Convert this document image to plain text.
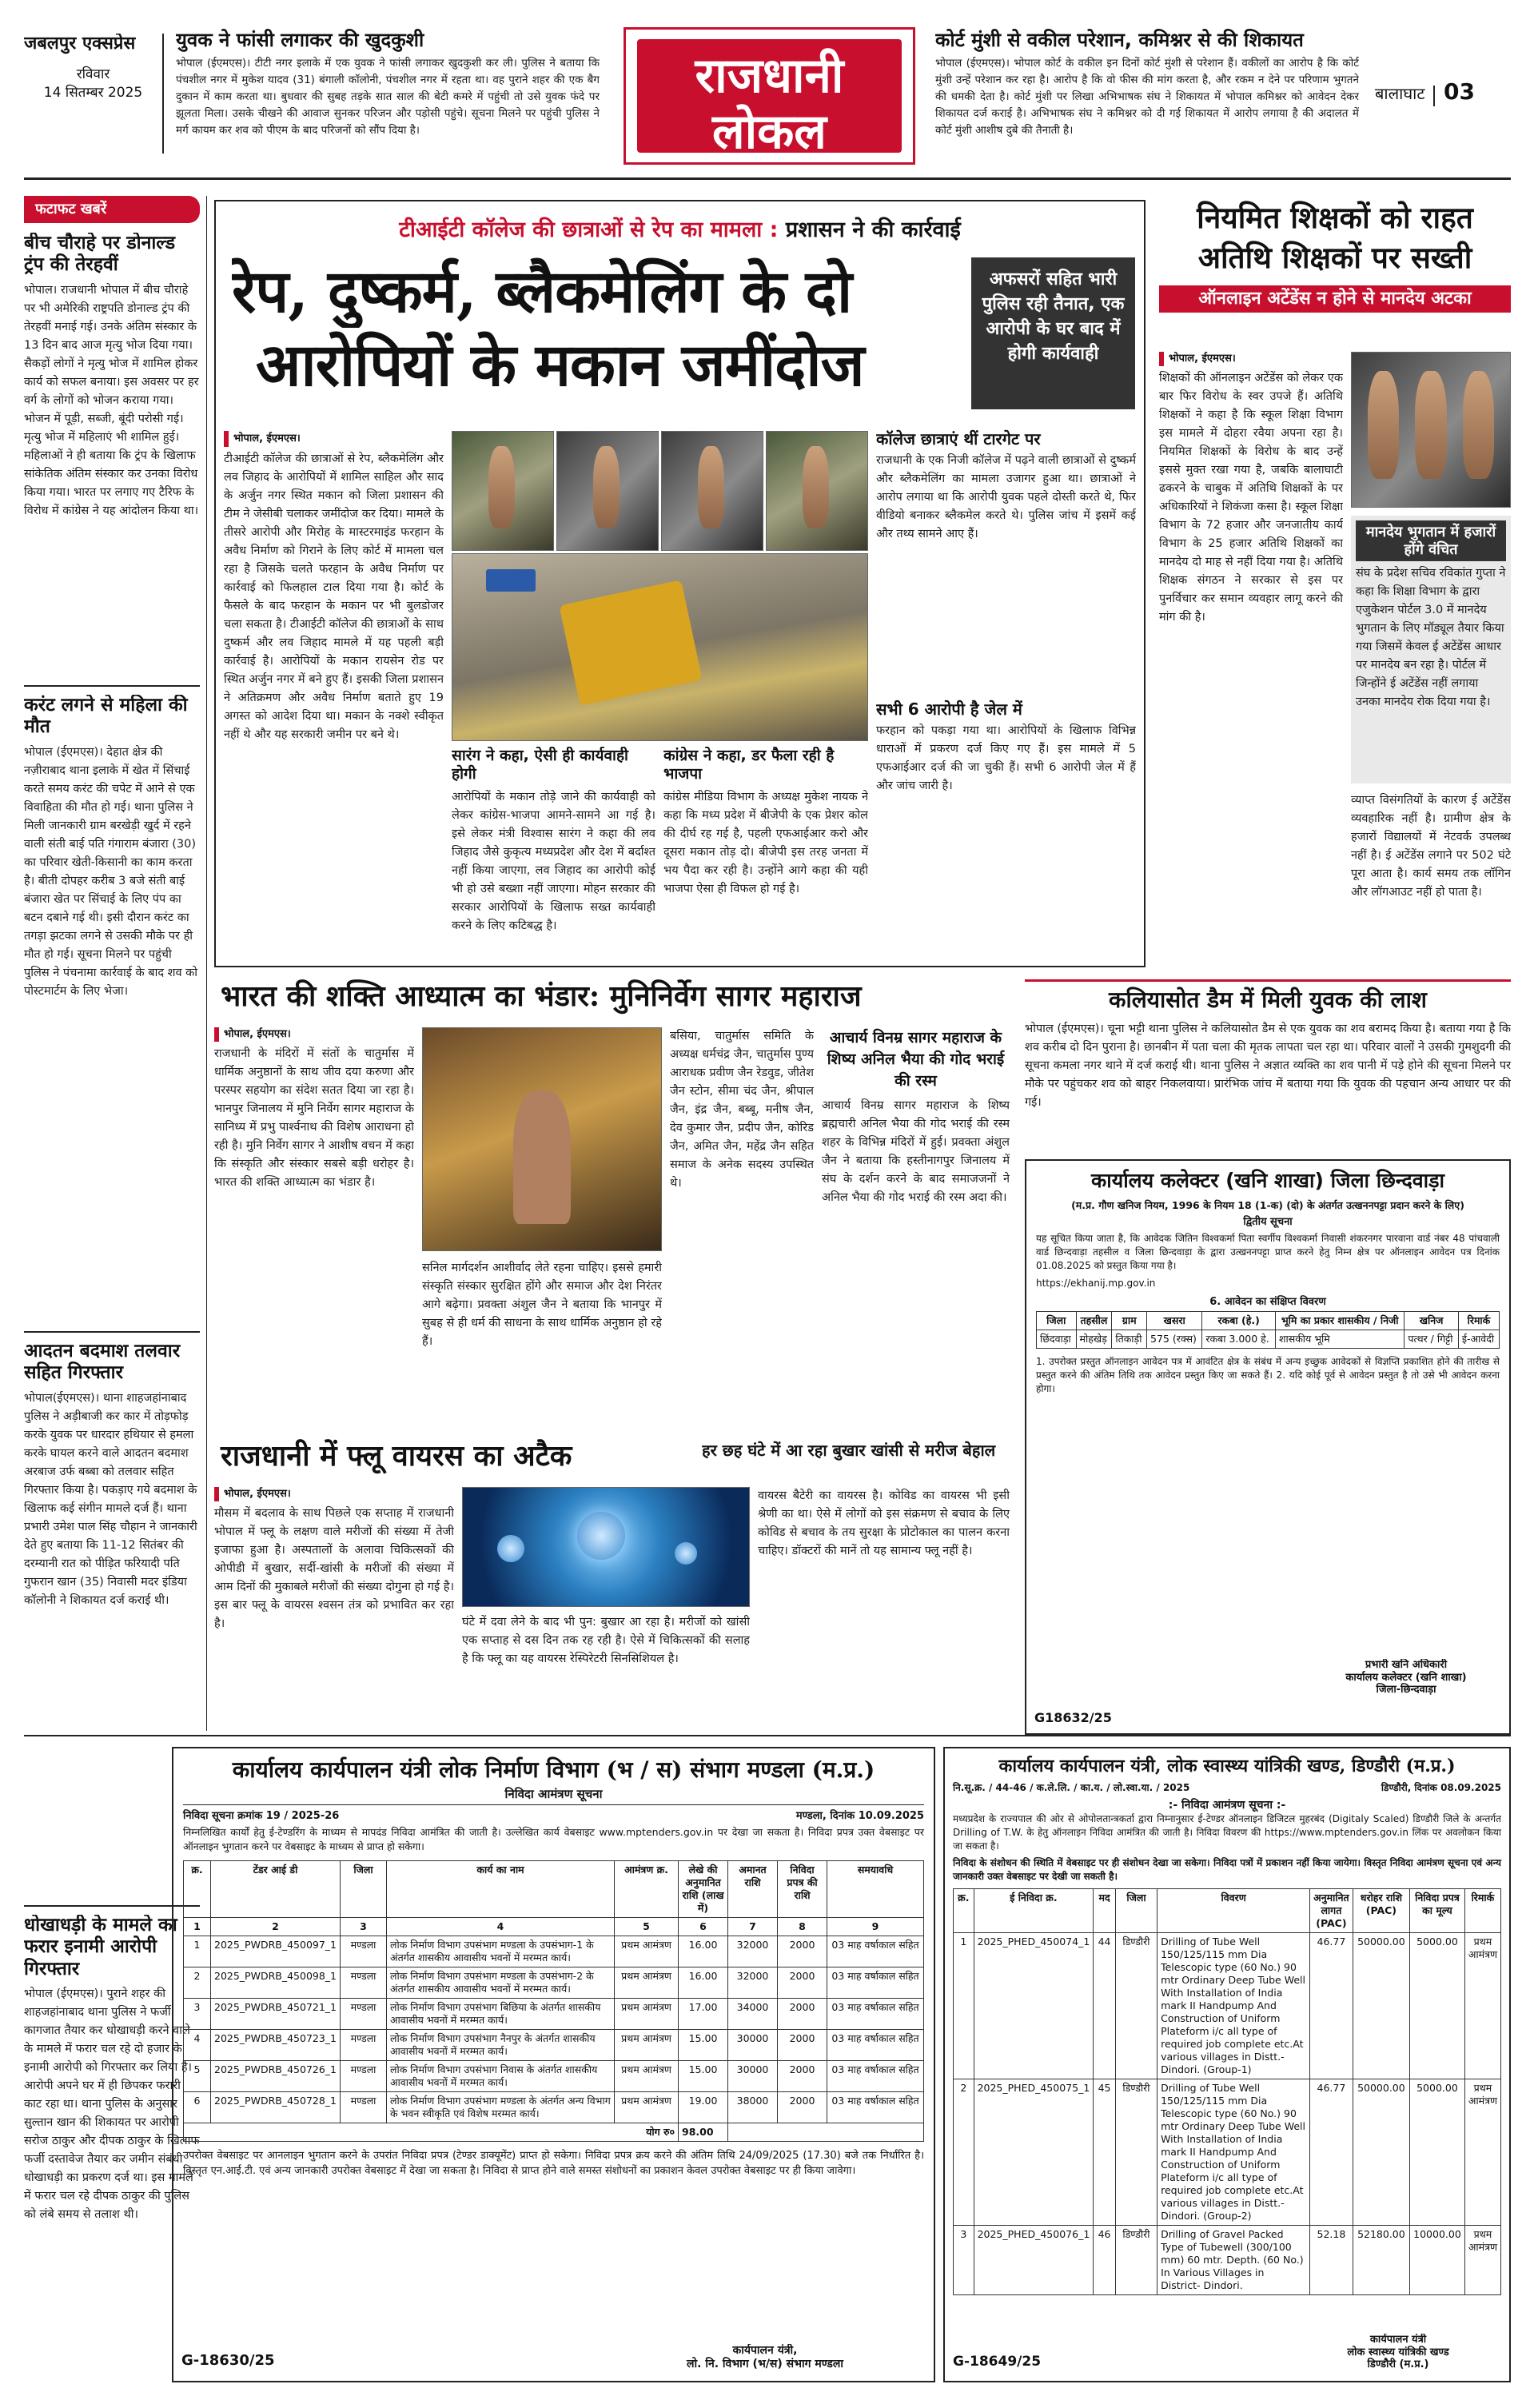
जबलपुर एक्सप्रेस
रविवार
14 सितम्बर 2025
युवक ने फांसी लगाकर की खुदकुशी
भोपाल (ईएमएस)। टीटी नगर इलाके में एक युवक ने फांसी लगाकर खुदकुशी कर ली। पुलिस ने बताया कि पंचशील नगर में मुकेश यादव (31) बंगाली कॉलोनी, पंचशील नगर में रहता था। वह पुराने शहर की एक बैग दुकान में काम करता था। बुधवार की सुबह तड़के सात साल की बेटी कमरे में पहुंची तो उसे युवक फंदे पर झूलता मिला। उसके चीखने की आवाज सुनकर परिजन और पड़ोसी पहुंचे। सूचना मिलने पर पहुंची पुलिस ने मर्ग कायम कर शव को पीएम के बाद परिजनों को सौंप दिया है।
राजधानी
लोकल
कोर्ट मुंशी से वकील परेशान, कमिश्नर से की शिकायत
भोपाल (ईएमएस)। भोपाल कोर्ट के वकील इन दिनों कोर्ट मुंशी से परेशान हैं। वकीलों का आरोप है कि कोर्ट मुंशी उन्हें परेशान कर रहा है। आरोप है कि वो फीस की मांग करता है, और रकम न देने पर परिणाम भुगतने की धमकी देता है। कोर्ट मुंशी पर लिखा अभिभाषक संघ ने शिकायत में भोपाल कमिश्नर को आवेदन देकर शिकायत दर्ज कराई है। अभिभाषक संघ ने कमिश्नर को दी गई शिकायत में आरोप लगाया है की अदालत में कोर्ट मुंशी आशीष दुबे की तैनाती है।
बालाघाट 03
फटाफट खबरें
बीच चौराहे पर डोनाल्ड ट्रंप की तेरहवीं
भोपाल। राजधानी भोपाल में बीच चौराहे पर भी अमेरिकी राष्ट्रपति डोनाल्ड ट्रंप की तेरहवीं मनाई गई। उनके अंतिम संस्कार के 13 दिन बाद आज मृत्यु भोज दिया गया। सैकड़ों लोगों ने मृत्यु भोज में शामिल होकर कार्य को सफल बनाया। इस अवसर पर हर वर्ग के लोगों को भोजन कराया गया। भोजन में पूड़ी, सब्जी, बूंदी परोसी गई। मृत्यु भोज में महिलाएं भी शामिल हुई। महिलाओं ने ही बताया कि ट्रंप के खिलाफ सांकेतिक अंतिम संस्कार कर उनका विरोध किया गया। भारत पर लगाए गए टैरिफ के विरोध में कांग्रेस ने यह आंदोलन किया था।
करंट लगने से महिला की मौत
भोपाल (ईएमएस)। देहात क्षेत्र की नज़ीराबाद थाना इलाके में खेत में सिंचाई करते समय करंट की चपेट में आने से एक विवाहिता की मौत हो गई। थाना पुलिस ने मिली जानकारी ग्राम बरखेड़ी खुर्द में रहने वाली संती बाई पति गंगाराम बंजारा (30) का परिवार खेती-किसानी का काम करता है। बीती दोपहर करीब 3 बजे संती बाई बंजारा खेत पर सिंचाई के लिए पंप का बटन दबाने गई थी। इसी दौरान करंट का तगड़ा झटका लगने से उसकी मौके पर ही मौत हो गई। सूचना मिलने पर पहुंची पुलिस ने पंचनामा कार्रवाई के बाद शव को पोस्टमार्टम के लिए भेजा।
आदतन बदमाश तलवार सहित गिरफ्तार
भोपाल(ईएमएस)। थाना शाहजहांनाबाद पुलिस ने अड़ीबाजी कर कार में तोड़फोड़ करके युवक पर धारदार हथियार से हमला करके घायल करने वाले आदतन बदमाश अरबाज उर्फ बब्बा को तलवार सहित गिरफ्तार किया है। पकड़ाए गये बदमाश के खिलाफ कई संगीन मामले दर्ज हैं। थाना प्रभारी उमेश पाल सिंह चौहान ने जानकारी देते हुए बताया कि 11-12 सितंबर की दरम्यानी रात को पीड़ित फरियादी पति गुफरान खान (35) निवासी मदर इंडिया कॉलोनी ने शिकायत दर्ज कराई थी।
धोखाधड़ी के मामले का फरार इनामी आरोपी गिरफ्तार
भोपाल (ईएमएस)। पुराने शहर की शाहजहांनाबाद थाना पुलिस ने फर्जी कागजात तैयार कर धोखाधड़ी करने वाले के मामले में फरार चल रहे दो हजार के इनामी आरोपी को गिरफ्तार कर लिया है। आरोपी अपने घर में ही छिपकर फरारी काट रहा था। थाना पुलिस के अनुसार सुल्तान खान की शिकायत पर आरोपी सरोज ठाकुर और दीपक ठाकुर के खिलाफ फर्जी दस्तावेज तैयार कर जमीन संबंधी धोखाधड़ी का प्रकरण दर्ज था। इस मामले में फरार चल रहे दीपक ठाकुर की पुलिस को लंबे समय से तलाश थी।
टीआईटी कॉलेज की छात्राओं से रेप का मामला : प्रशासन ने की कार्रवाई
रेप, दुष्कर्म, ब्लैकमेलिंग के दो
आरोपियों के मकान जमींदोज
अफसरों सहित भारी पुलिस रही तैनात, एक आरोपी के घर बाद में होगी कार्यवाही
भोपाल, ईएमएस।
टीआईटी कॉलेज की छात्राओं से रेप, ब्लैकमेलिंग और लव जिहाद के आरोपियों में शामिल साहिल और साद के अर्जुन नगर स्थित मकान को जिला प्रशासन की टीम ने जेसीबी चलाकर जमींदोज कर दिया। मामले के तीसरे आरोपी और मिरोह के मास्टरमाइंड फरहान के अवैध निर्माण को गिराने के लिए कोर्ट में मामला चल रहा है जिसके चलते फरहान के अवैध निर्माण पर कार्रवाई को फिलहाल टाल दिया गया है। कोर्ट के फैसले के बाद फरहान के मकान पर भी बुलडोजर चला सकता है। टीआईटी कॉलेज की छात्राओं के साथ दुष्कर्म और लव जिहाद मामले में यह पहली बड़ी कार्रवाई है। आरोपियों के मकान रायसेन रोड पर स्थित अर्जुन नगर में बने हुए हैं। इसकी जिला प्रशासन ने अतिक्रमण और अवैध निर्माण बताते हुए 19 अगस्त को आदेश दिया था। मकान के नक्शे स्वीकृत नहीं थे और यह सरकारी जमीन पर बने थे।
सारंग ने कहा, ऐसी ही कार्यवाही होगी
आरोपियों के मकान तोड़े जाने की कार्यवाही को लेकर कांग्रेस-भाजपा आमने-सामने आ गई है। इसे लेकर मंत्री विश्वास सारंग ने कहा की लव जिहाद जैसे कुकृत्य मध्यप्रदेश और देश में बर्दाश्त नहीं किया जाएगा, लव जिहाद का आरोपी कोई भी हो उसे बख्शा नहीं जाएगा। मोहन सरकार की सरकार आरोपियों के खिलाफ सख्त कार्यवाही करने के लिए कटिबद्ध है।
कांग्रेस ने कहा, डर फैला रही है भाजपा
कांग्रेस मीडिया विभाग के अध्यक्ष मुकेश नायक ने कहा कि मध्य प्रदेश में बीजेपी के एक प्रेशर कोल की दीर्घ रह गई है, पहली एफआईआर करो और दूसरा मकान तोड़ दो। बीजेपी इस तरह जनता में भय पैदा कर रही है। उन्होंने आगे कहा की यही भाजपा ऐसा ही विफल हो गई है।
कॉलेज छात्राएं थीं टारगेट पर
राजधानी के एक निजी कॉलेज में पढ़ने वाली छात्राओं से दुष्कर्म और ब्लैकमेलिंग का मामला उजागर हुआ था। छात्राओं ने आरोप लगाया था कि आरोपी युवक पहले दोस्ती करते थे, फिर वीडियो बनाकर ब्लैकमेल करते थे। पुलिस जांच में इसमें कई और तथ्य सामने आए हैं।
सभी 6 आरोपी है जेल में
फरहान को पकड़ा गया था। आरोपियों के खिलाफ विभिन्न धाराओं में प्रकरण दर्ज किए गए हैं। इस मामले में 5 एफआईआर दर्ज की जा चुकी हैं। सभी 6 आरोपी जेल में हैं और जांच जारी है।
नियमित शिक्षकों को राहत
अतिथि शिक्षकों पर सख्ती
ऑनलाइन अटेंडेंस न होने से मानदेय अटका
भोपाल, ईएमएस।
शिक्षकों की ऑनलाइन अटेंडेंस को लेकर एक बार फिर विरोध के स्वर उपजे हैं। अतिथि शिक्षकों ने कहा है कि स्कूल शिक्षा विभाग इस मामले में दोहरा रवैया अपना रहा है। नियमित शिक्षकों के विरोध के बाद उन्हें इससे मुक्त रखा गया है, जबकि बालाघाटी ढकरने के चाबुक में अतिथि शिक्षकों के पर अधिकारियों ने शिकंजा कसा है। स्कूल शिक्षा विभाग के 72 हजार और जनजातीय कार्य विभाग के 25 हजार अतिथि शिक्षकों का मानदेय दो माह से नहीं दिया गया है। अतिथि शिक्षक संगठन ने सरकार से इस पर पुनर्विचार कर समान व्यवहार लागू करने की मांग की है।
मानदेय भुगतान में हजारों होंगे वंचित
संघ के प्रदेश सचिव रविकांत गुप्ता ने कहा कि शिक्षा विभाग के द्वारा एजुकेशन पोर्टल 3.0 में मानदेय भुगतान के लिए मॉड्यूल तैयार किया गया जिसमें केवल ई अटेंडेंस आधार पर मानदेय बन रहा है। पोर्टल में जिन्होंने ई अटेंडेंस नहीं लगाया उनका मानदेय रोक दिया गया है।
व्याप्त विसंगतियों के कारण ई अटेंडेंस व्यवहारिक नहीं है। ग्रामीण क्षेत्र के हजारों विद्यालयों में नेटवर्क उपलब्ध नहीं है। ई अटेंडेंस लगाने पर 502 घंटे पूरा आता है। कार्य समय तक लॉगिन और लॉगआउट नहीं हो पाता है।
भारत की शक्ति आध्यात्म का भंडार: मुनिनिर्वेग सागर महाराज
भोपाल, ईएमएस।
राजधानी के मंदिरों में संतों के चातुर्मास में धार्मिक अनुष्ठानों के साथ जीव दया करुणा और परस्पर सहयोग का संदेश सतत दिया जा रहा है। भानपुर जिनालय में मुनि निर्वेग सागर महाराज के सानिध्य में प्रभु पार्श्वनाथ की विशेष आराधना हो रही है। मुनि निर्वेग सागर ने आशीष वचन में कहा कि संस्कृति और संस्कार सबसे बड़ी धरोहर है। भारत की शक्ति आध्यात्म का भंडार है।
सनिल मार्गदर्शन आशीर्वाद लेते रहना चाहिए। इससे हमारी संस्कृति संस्कार सुरक्षित होंगे और समाज और देश निरंतर आगे बढ़ेगा। प्रवक्ता अंशुल जैन ने बताया कि भानपुर में सुबह से ही धर्म की साधना के साथ धार्मिक अनुष्ठान हो रहे हैं।
बसिया, चातुर्मास समिति के अध्यक्ष धर्मचंद्र जैन, चातुर्मास पुण्य आराधक प्रवीण जैन रेडवुड, जीतेश जैन स्टोन, सीमा चंद जैन, श्रीपाल जैन, इंद्र जैन, बब्बू, मनीष जैन, देव कुमार जैन, प्रदीप जैन, कोरिड जैन, अमित जैन, महेंद्र जैन सहित समाज के अनेक सदस्य उपस्थित थे।
आचार्य विनम्र सागर महाराज के शिष्य अनिल भैया की गोद भराई की रस्म
आचार्य विनम्र सागर महाराज के शिष्य ब्रह्मचारी अनिल भैया की गोद भराई की रस्म शहर के विभिन्न मंदिरों में हुई। प्रवक्ता अंशुल जैन ने बताया कि हस्तीनागपुर जिनालय में संघ के दर्शन करने के बाद समाजजनों ने अनिल भैया की गोद भराई की रस्म अदा की।
कलियासोत डैम में मिली युवक की लाश
भोपाल (ईएमएस)। चूना भट्टी थाना पुलिस ने कलियासोत डैम से एक युवक का शव बरामद किया है। बताया गया है कि शव करीब दो दिन पुराना है। छानबीन में पता चला की मृतक लापता चल रहा था। परिवार वालों ने उसकी गुमशुदगी की सूचना कमला नगर थाने में दर्ज कराई थी। थाना पुलिस ने अज्ञात व्यक्ति का शव पानी में पड़े होने की सूचना मिलने पर मौके पर पहुंचकर शव को बाहर निकलवाया। प्रारंभिक जांच में बताया गया कि युवक की पहचान अन्य आधार पर की गई।
कार्यालय कलेक्टर (खनि शाखा) जिला छिन्दवाड़ा
(म.प्र. गौण खनिज नियम, 1996 के नियम 18 (1-क) (दो) के अंतर्गत उत्खननपट्टा प्रदान करने के लिए)
द्वितीय सूचना
यह सूचित किया जाता है, कि आवेदक जितिन विश्वकर्मा पिता स्वर्गीय विश्वकर्मा निवासी शंकरनगर पारवाना वार्ड नंबर 48 पांचवाली वार्ड छिन्दवाड़ा तहसील व जिला छिन्दवाड़ा के द्वारा उत्खननपट्टा प्राप्त करने हेतु निम्न क्षेत्र पर ऑनलाइन आवेदन पत्र दिनांक 01.08.2025 को प्रस्तुत किया गया है।
https://ekhanij.mp.gov.in
6. आवेदन का संक्षिप्त विवरण
जिला	तहसील	ग्राम	खसरा	रकबा (हे.)	भूमि का प्रकार शासकीय / निजी	खनिज	रिमार्क
छिंदवाड़ा	मोहखेड़	तिकाड़ी	575 (रक्स)	रकबा 3.000 हे.	शासकीय भूमि	पत्थर / गिट्टी	ई-आवेदी
1. उपरोक्त प्रस्तुत ऑनलाइन आवेदन पत्र में आवंटित क्षेत्र के संबंध में अन्य इच्छुक आवेदकों से विज्ञप्ति प्रकाशित होने की तारीख से प्रस्तुत करने की अंतिम तिथि तक आवेदन प्रस्तुत किए जा सकते हैं। 2. यदि कोई पूर्व से आवेदन प्रस्तुत है तो उसे भी आवेदन करना होगा।
प्रभारी खनि अधिकारी
कार्यालय कलेक्टर (खनि शाखा)
जिला-छिन्दवाड़ा
G18632/25
राजधानी में फ्लू वायरस का अटैक	हर छह घंटे में आ रहा बुखार खांसी से मरीज बेहाल
भोपाल, ईएमएस।
मौसम में बदलाव के साथ पिछले एक सप्ताह में राजधानी भोपाल में फ्लू के लक्षण वाले मरीजों की संख्या में तेजी इजाफा हुआ है। अस्पतालों के अलावा चिकित्सकों की ओपीडी में बुखार, सर्दी-खांसी के मरीजों की संख्या में आम दिनों की मुकाबले मरीजों की संख्या दोगुना हो गई है। इस बार फ्लू के वायरस श्वसन तंत्र को प्रभावित कर रहा है।	घंटे में दवा लेने के बाद भी पुन: बुखार आ रहा है। मरीजों को खांसी एक सप्ताह से दस दिन तक रह रही है। ऐसे में चिकित्सकों की सलाह है कि फ्लू का यह वायरस रेस्पिरेटरी सिनसिशियल है।
वायरस बैटेरी का वायरस है। कोविड का वायरस भी इसी श्रेणी का था। ऐसे में लोगों को इस संक्रमण से बचाव के लिए कोविड से बचाव के तय सुरक्षा के प्रोटोकाल का पालन करना चाहिए। डॉक्टरों की मानें तो यह सामान्य फ्लू नहीं है।
कार्यालय कार्यपालन यंत्री लोक निर्माण विभाग (भ / स) संभाग मण्डला (म.प्र.)
निविदा आमंत्रण सूचना
निविदा सूचना क्रमांक 19 / 2025-26	मण्डला, दिनांक 10.09.2025
निम्नलिखित कार्यों हेतु ई-टेण्डरिंग के माध्यम से मापदंड निविदा आमंत्रित की जाती है। उल्लेखित कार्य वेबसाइट www.mptenders.gov.in पर देखा जा सकता है। निविदा प्रपत्र उक्त वेबसाइट पर ऑनलाइन भुगतान करने पर वेबसाइट के माध्यम से प्राप्त हो सकेगा।
क्र.	टेंडर आई डी	जिला	कार्य का नाम	आमंत्रण क्र.	लेखे की अनुमानित राशि (लाख में)	अमानत राशि	निविदा प्रपत्र की राशि	समयावधि
1	2	3	4	5	6	7	8	9
1	2025_PWDRB_450097_1	मण्डला	लोक निर्माण विभाग उपसंभाग मण्डला के उपसंभाग-1 के अंतर्गत शासकीय आवासीय भवनों में मरम्मत कार्य।	प्रथम आमंत्रण	16.00	32000	2000	03 माह वर्षाकाल सहित
2	2025_PWDRB_450098_1	मण्डला	लोक निर्माण विभाग उपसंभाग मण्डला के उपसंभाग-2 के अंतर्गत शासकीय आवासीय भवनों में मरम्मत कार्य।	प्रथम आमंत्रण	16.00	32000	2000	03 माह वर्षाकाल सहित
3	2025_PWDRB_450721_1	मण्डला	लोक निर्माण विभाग उपसंभाग बिछिया के अंतर्गत शासकीय आवासीय भवनों में मरम्मत कार्य।	प्रथम आमंत्रण	17.00	34000	2000	03 माह वर्षाकाल सहित
4	2025_PWDRB_450723_1	मण्डला	लोक निर्माण विभाग उपसंभाग नैनपुर के अंतर्गत शासकीय आवासीय भवनों में मरम्मत कार्य।	प्रथम आमंत्रण	15.00	30000	2000	03 माह वर्षाकाल सहित
5	2025_PWDRB_450726_1	मण्डला	लोक निर्माण विभाग उपसंभाग निवास के अंतर्गत शासकीय आवासीय भवनों में मरम्मत कार्य।	प्रथम आमंत्रण	15.00	30000	2000	03 माह वर्षाकाल सहित
6	2025_PWDRB_450728_1	मण्डला	लोक निर्माण विभाग उपसंभाग मण्डला के अंतर्गत अन्य विभाग के भवन स्वीकृति एवं विशेष मरम्मत कार्य।	प्रथम आमंत्रण	19.00	38000	2000	03 माह वर्षाकाल सहित
योग रु०					98.00			
उपरोक्त वेबसाइट पर आनलाइन भुगतान करने के उपरांत निविदा प्रपत्र (टेण्डर डाक्यूमेंट) प्राप्त हो सकेगा। निविदा प्रपत्र क्रय करने की अंतिम तिथि 24/09/2025 (17.30) बजे तक निर्धारित है। विस्तृत एन.आई.टी. एवं अन्य जानकारी उपरोक्त वेबसाइट में देखा जा सकता है। निविदा से प्राप्त होने वाले समस्त संशोधनों का प्रकाशन केवल उपरोक्त वेबसाइट पर ही किया जावेगा।
G-18630/25
कार्यपालन यंत्री,
लो. नि. विभाग (भ/स) संभाग मण्डला
कार्यालय कार्यपालन यंत्री, लोक स्वास्थ्य यांत्रिकी खण्ड, डिण्डौरी (म.प्र.)
नि.सू.क्र. / 44-46 / क.ले.लि. / का.य. / लो.स्वा.या. / 2025	डिण्डौरी, दिनांक 08.09.2025
:- निविदा आमंत्रण सूचना :-
मध्यप्रदेश के राज्यपाल की ओर से ओपोलतान्त्रकर्ता द्वारा निम्नानुसार ई-टेण्डर ऑनलाइन डिजिटल मुहरबंद (Digitaly Scaled) डिण्डौरी जिले के अन्तर्गत Drilling of T.W. के हेतु ऑनलाइन निविदा आमंत्रित की जाती है। निविदा विवरण की https://www.mptenders.gov.in लिंक पर अवलोकन किया जा सकता है।
निविदा के संशोधन की स्थिति में वेबसाइट पर ही संशोधन देखा जा सकेगा। निविदा पत्रों में प्रकाशन नहीं किया जायेगा। विस्तृत निविदा आमंत्रण सूचना एवं अन्य जानकारी उक्त वेबसाइट पर देखी जा सकती है।
क्र.	ई निविदा क्र.	मद	जिला	विवरण	अनुमानित लागत (PAC)	धरोहर राशि (PAC)	निविदा प्रपत्र का मूल्य	रिमार्क
1	2025_PHED_450074_1	44	डिण्डौरी	Drilling of Tube Well 150/125/115 mm Dia Telescopic type (60 No.) 90 mtr Ordinary Deep Tube Well With Installation of India mark II Handpump And Construction of Uniform Plateform i/c all type of required job complete etc.At various villages in Distt.- Dindori. (Group-1)	46.77	50000.00	5000.00	प्रथम आमंत्रण
2	2025_PHED_450075_1	45	डिण्डौरी	Drilling of Tube Well 150/125/115 mm Dia Telescopic type (60 No.) 90 mtr Ordinary Deep Tube Well With Installation of India mark II Handpump And Construction of Uniform Plateform i/c all type of required job complete etc.At various villages in Distt.- Dindori. (Group-2)	46.77	50000.00	5000.00	प्रथम आमंत्रण
3	2025_PHED_450076_1	46	डिण्डौरी	Drilling of Gravel Packed Type of Tubewell (300/100 mm) 60 mtr. Depth. (60 No.) In Various Villages in District- Dindori.	52.18	52180.00	10000.00	प्रथम आमंत्रण
G-18649/25
कार्यपालन यंत्री
लोक स्वास्थ्य यांत्रिकी खण्ड
डिण्डौरी (म.प्र.)
